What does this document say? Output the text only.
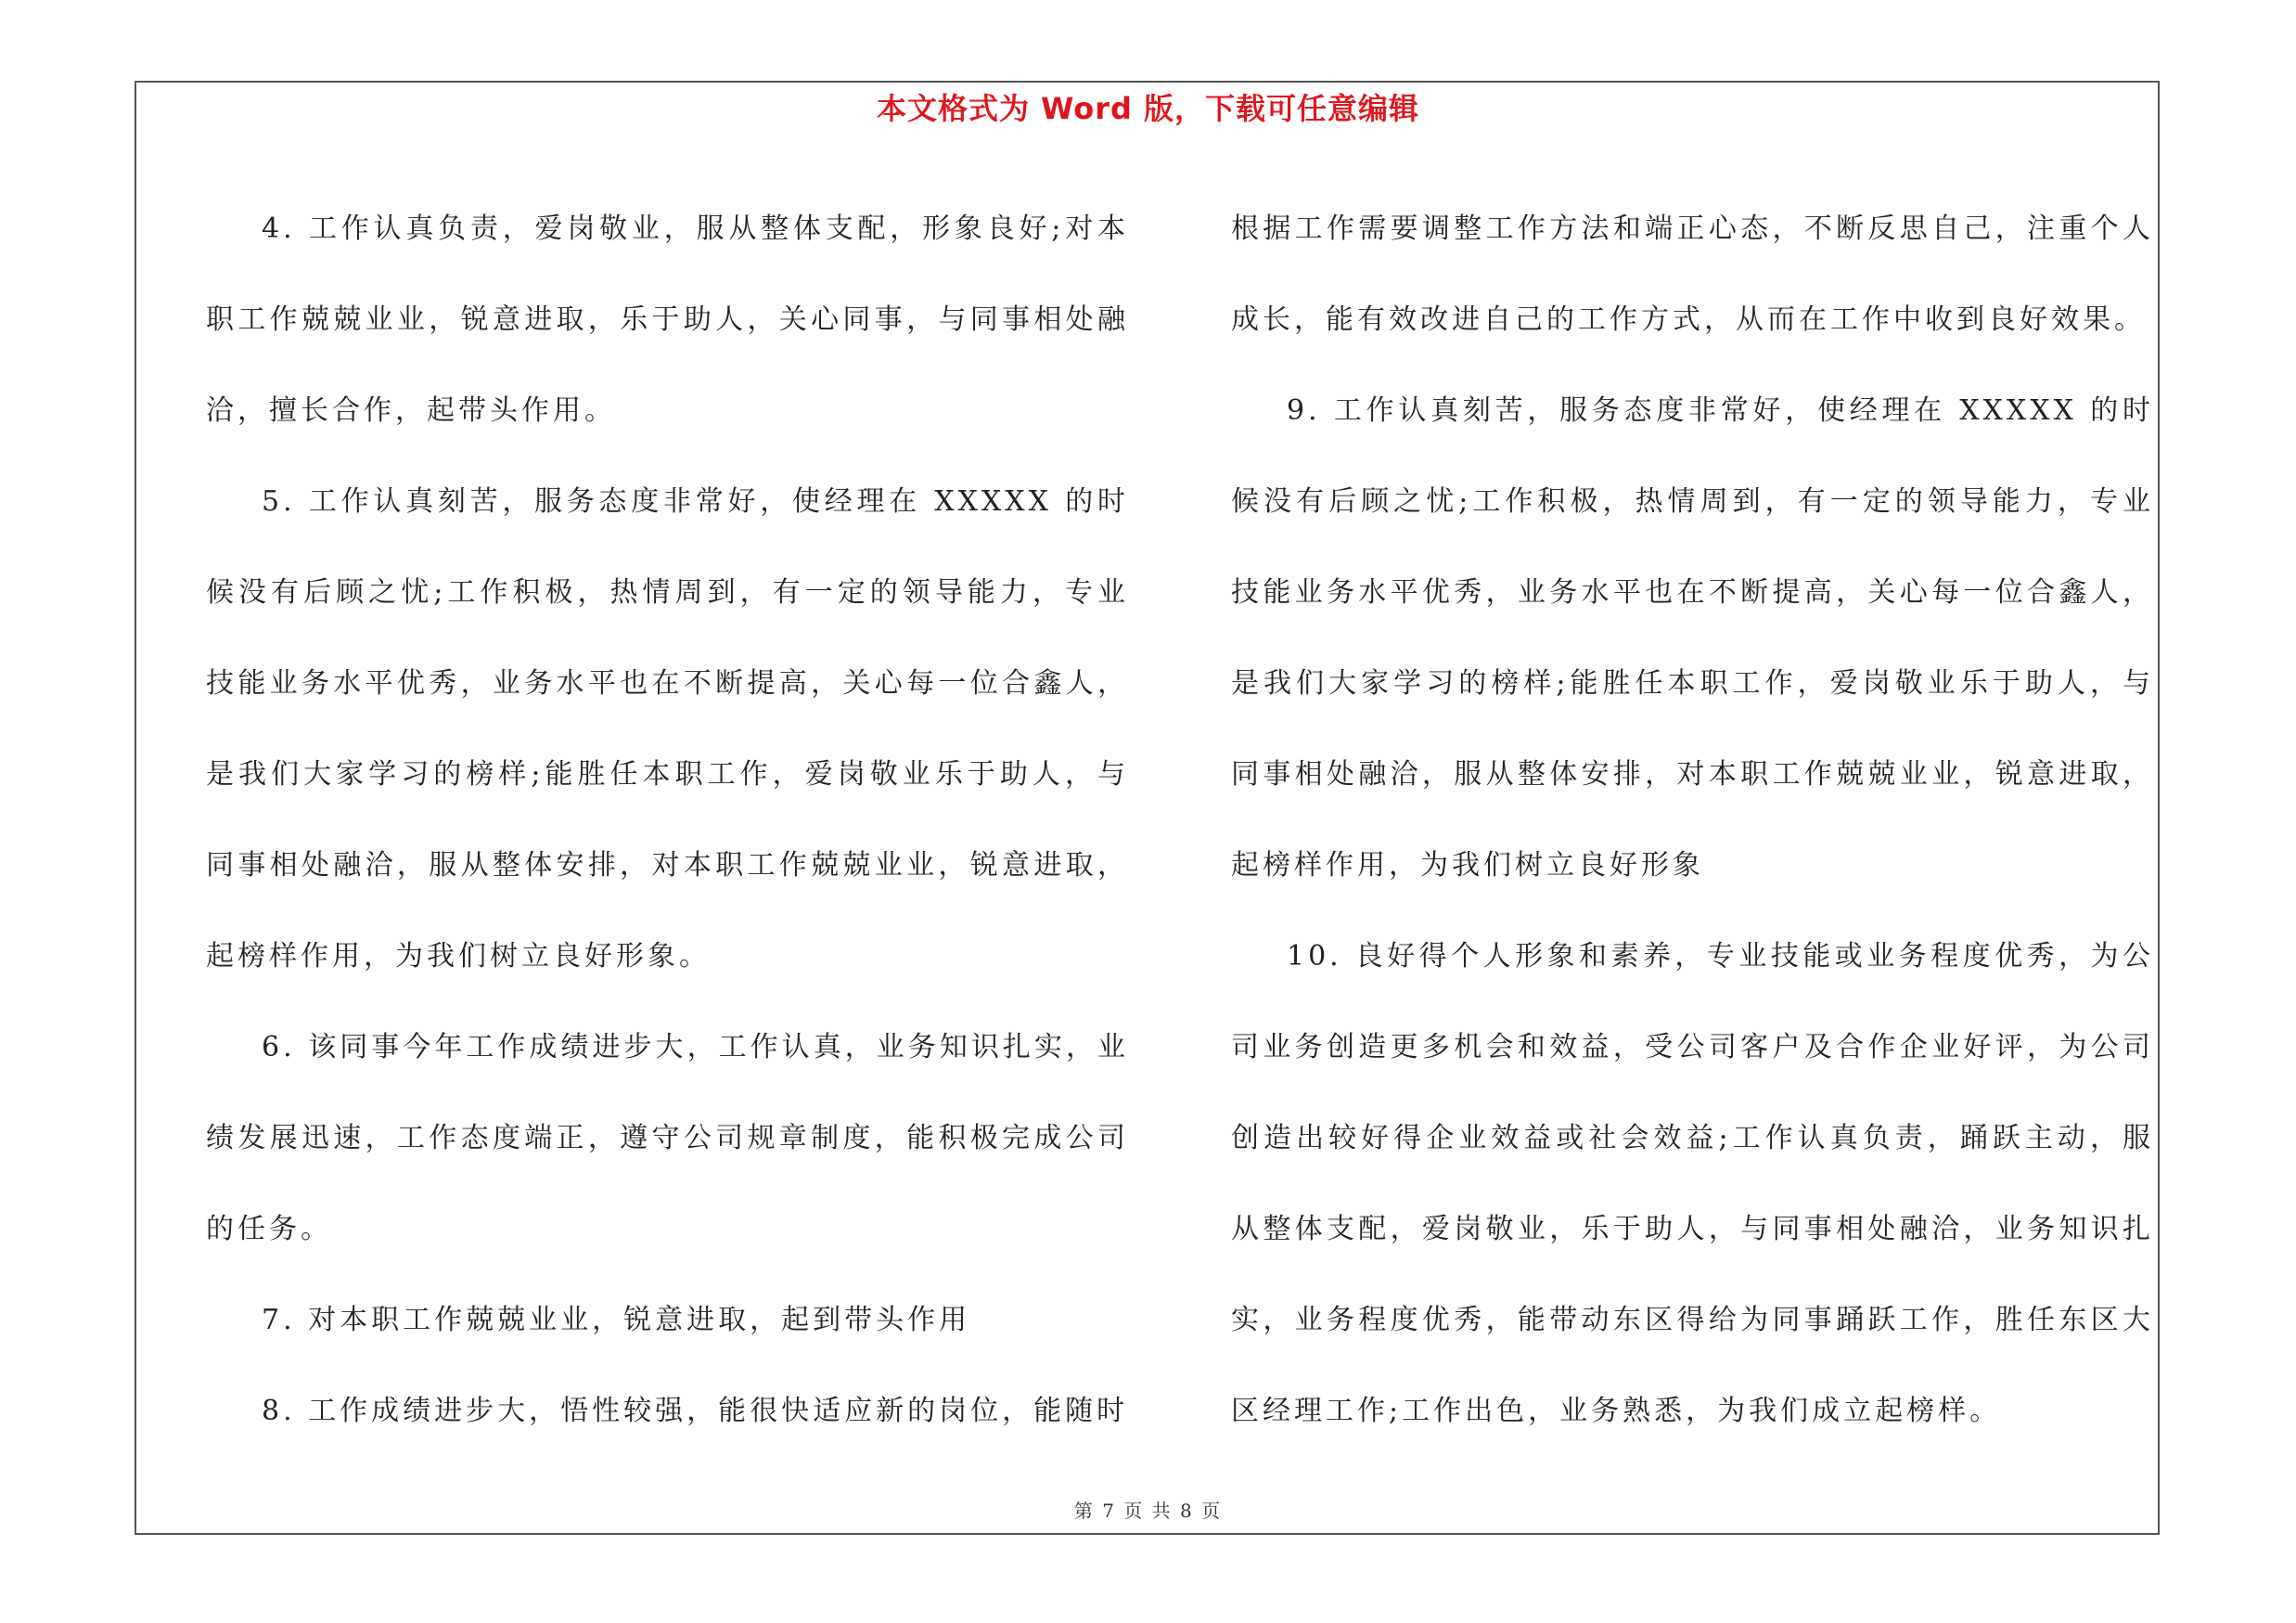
本文格式为 Word 版，下载可任意编辑

4. 工作认真负责，爱岗敬业，服从整体支配，形象良好;对本职工作兢兢业业，锐意进取，乐于助人，关心同事，与同事相处融洽，擅长合作，起带头作用。

5. 工作认真刻苦，服务态度非常好，使经理在 XXXXX 的时候没有后顾之忧;工作积极，热情周到，有一定的领导能力，专业技能业务水平优秀，业务水平也在不断提高，关心每一位合鑫人，是我们大家学习的榜样;能胜任本职工作，爱岗敬业乐于助人，与同事相处融洽，服从整体安排，对本职工作兢兢业业，锐意进取，起榜样作用，为我们树立良好形象。

6. 该同事今年工作成绩进步大，工作认真，业务知识扎实，业绩发展迅速，工作态度端正，遵守公司规章制度，能积极完成公司的任务。

7. 对本职工作兢兢业业，锐意进取，起到带头作用

8. 工作成绩进步大，悟性较强，能很快适应新的岗位，能随时

根据工作需要调整工作方法和端正心态，不断反思自己，注重个人成长，能有效改进自己的工作方式，从而在工作中收到良好效果。

9. 工作认真刻苦，服务态度非常好，使经理在 XXXXX 的时候没有后顾之忧;工作积极，热情周到，有一定的领导能力，专业技能业务水平优秀，业务水平也在不断提高，关心每一位合鑫人，是我们大家学习的榜样;能胜任本职工作，爱岗敬业乐于助人，与同事相处融洽，服从整体安排，对本职工作兢兢业业，锐意进取，起榜样作用，为我们树立良好形象

10. 良好得个人形象和素养，专业技能或业务程度优秀，为公司业务创造更多机会和效益，受公司客户及合作企业好评，为公司创造出较好得企业效益或社会效益;工作认真负责，踊跃主动，服从整体支配，爱岗敬业，乐于助人，与同事相处融洽，业务知识扎实，业务程度优秀，能带动东区得给为同事踊跃工作，胜任东区大区经理工作;工作出色，业务熟悉，为我们成立起榜样。

第 7 页 共 8 页
